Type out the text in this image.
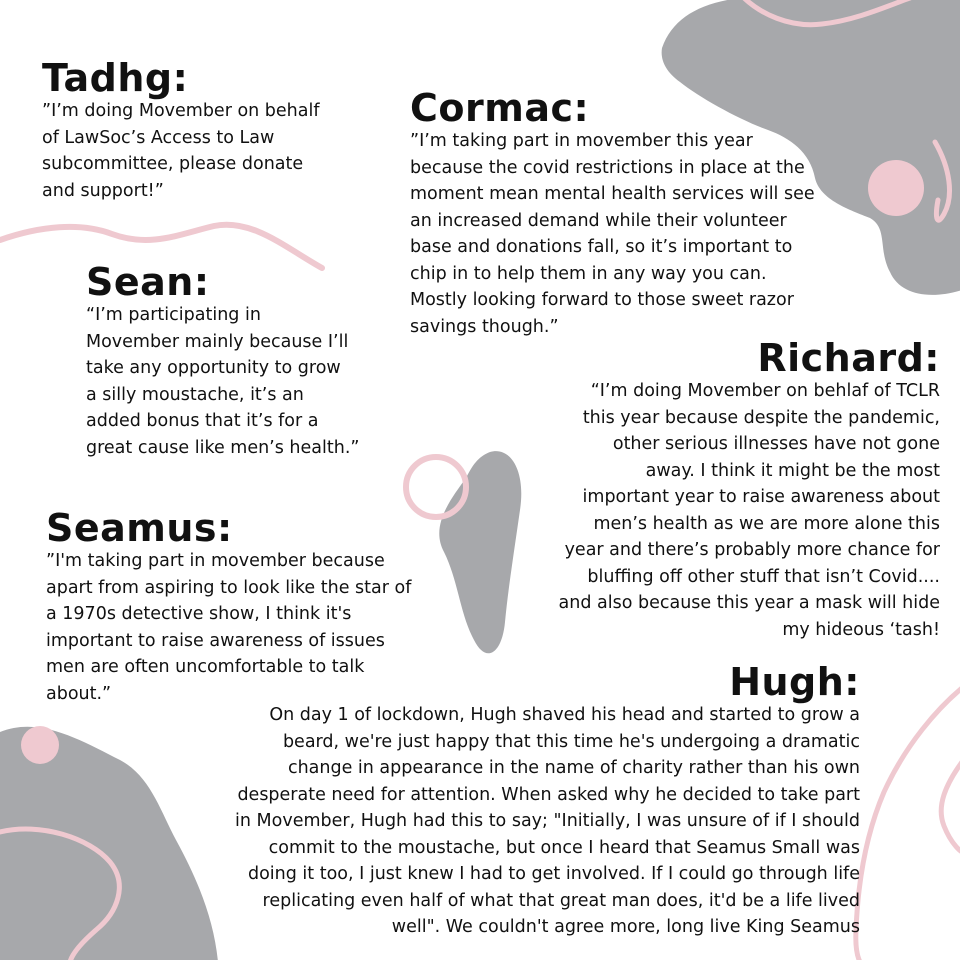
Tadhg:
”I’m doing Movember on behalf
of LawSoc’s Access to Law
subcommittee, please donate
and support!”
Cormac:
”I’m taking part in movember this year
because the covid restrictions in place at the
moment mean mental health services will see
an increased demand while their volunteer
base and donations fall, so it’s important to
chip in to help them in any way you can.
Mostly looking forward to those sweet razor
savings though.”
Sean:
“I’m participating in
Movember mainly because I’ll
take any opportunity to grow
a silly moustache, it’s an
added bonus that it’s for a
great cause like men’s health.”
Richard:
“I’m doing Movember on behlaf of TCLR
this year because despite the pandemic,
other serious illnesses have not gone
away. I think it might be the most
important year to raise awareness about
men’s health as we are more alone this
year and there’s probably more chance for
bluffing off other stuff that isn’t Covid....
and also because this year a mask will hide
my hideous ‘tash!
Seamus:
”I'm taking part in movember because
apart from aspiring to look like the star of
a 1970s detective show, I think it's
important to raise awareness of issues
men are often uncomfortable to talk
about.”	Hugh:
On day 1 of lockdown, Hugh shaved his head and started to grow a
beard, we're just happy that this time he's undergoing a dramatic
change in appearance in the name of charity rather than his own
desperate need for attention. When asked why he decided to take part
in Movember, Hugh had this to say; "Initially, I was unsure of if I should
commit to the moustache, but once I heard that Seamus Small was
doing it too, I just knew I had to get involved. If I could go through life
replicating even half of what that great man does, it'd be a life lived
well". We couldn't agree more, long live King Seamus
